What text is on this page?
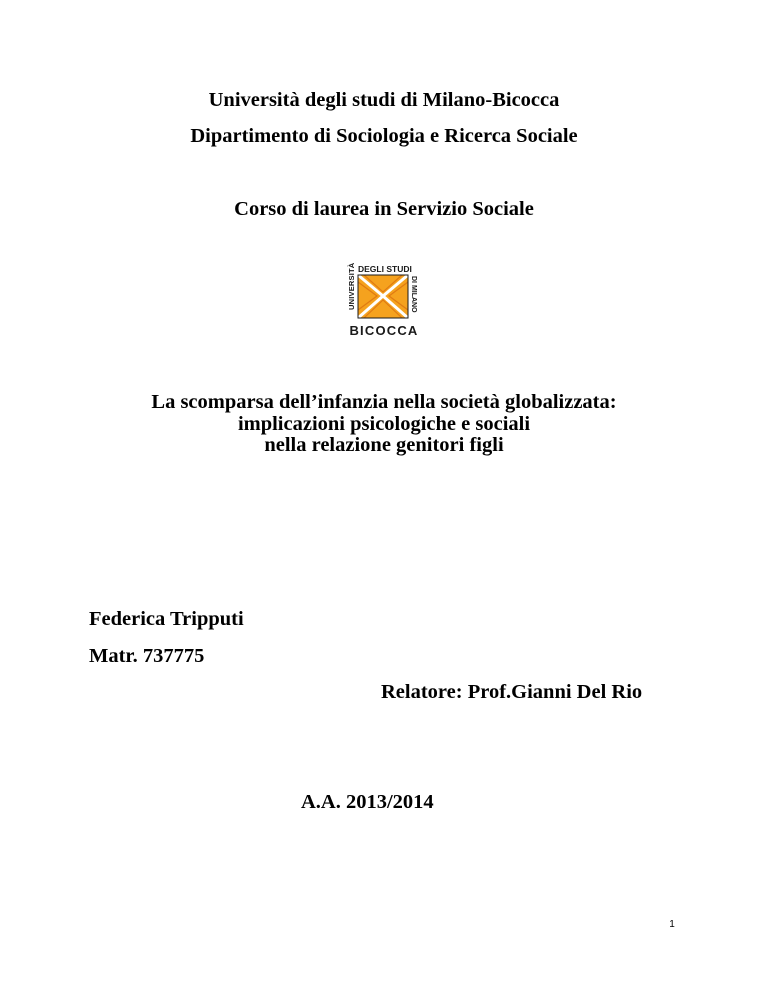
Università degli studi di Milano-Bicocca
Dipartimento di Sociologia e Ricerca Sociale
Corso di laurea in Servizio Sociale
UNIVERSITÀ DEGLI STUDI
DI MILANO
BICOCCA
La scomparsa dell’infanzia nella società globalizzata:
implicazioni psicologiche e sociali
nella relazione genitori figli
Federica Tripputi
Matr. 737775
Relatore: Prof.Gianni Del Rio
A.A. 2013/2014
1
